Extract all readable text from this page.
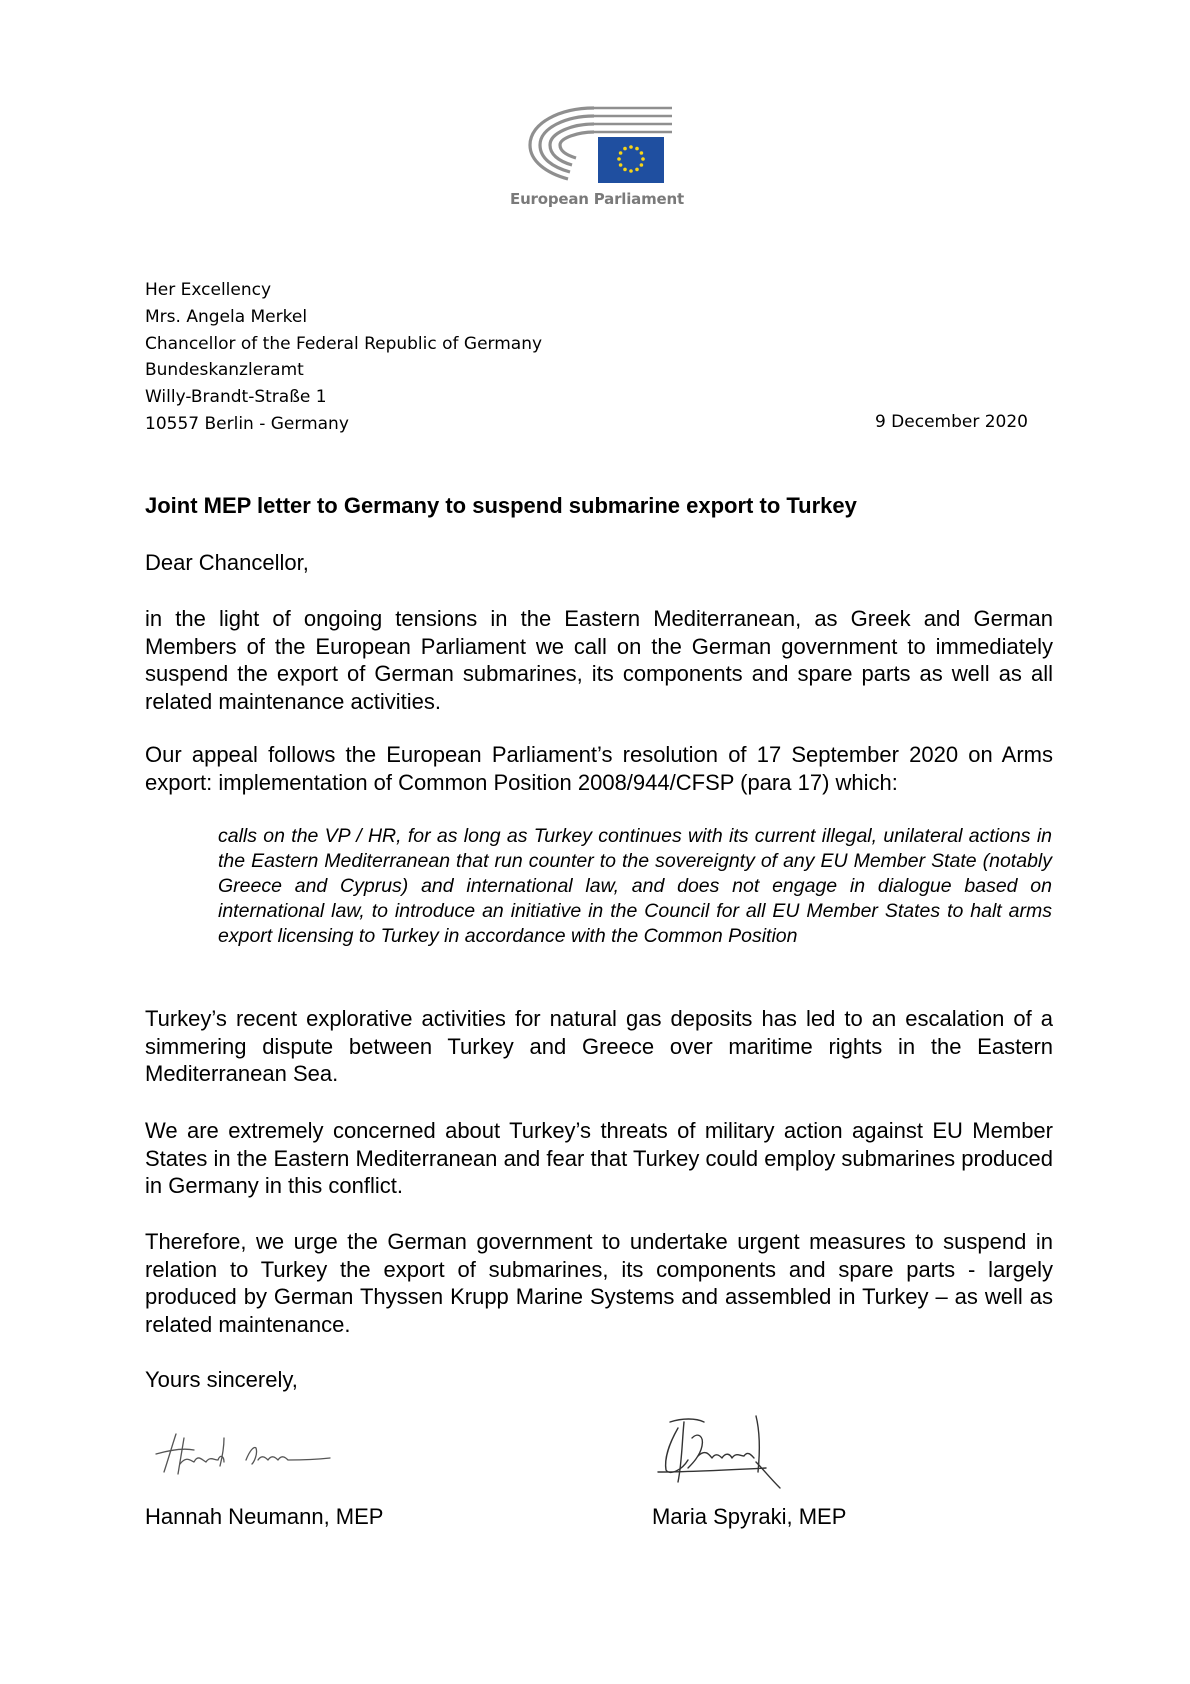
European Parliament
Her Excellency
Mrs. Angela Merkel
Chancellor of the Federal Republic of Germany
Bundeskanzleramt
Willy-Brandt-Straße 1
10557 Berlin - Germany	9 December 2020
Joint MEP letter to Germany to suspend submarine export to Turkey
Dear Chancellor,
in the light of ongoing tensions in the Eastern Mediterranean, as Greek and German Members of the European Parliament we call on the German government to immediately suspend the export of German submarines, its components and spare parts as well as all related maintenance activities.
Our appeal follows the European Parliament’s resolution of 17 September 2020 on Arms export: implementation of Common Position 2008/944/CFSP (para 17) which:
calls on the VP / HR, for as long as Turkey continues with its current illegal, unilateral actions in the Eastern Mediterranean that run counter to the sovereignty of any EU Member State (notably Greece and Cyprus) and international law, and does not engage in dialogue based on international law, to introduce an initiative in the Council for all EU Member States to halt arms export licensing to Turkey in accordance with the Common Position
Turkey’s recent explorative activities for natural gas deposits has led to an escalation of a simmering dispute between Turkey and Greece over maritime rights in the Eastern Mediterranean Sea.
We are extremely concerned about Turkey’s threats of military action against EU Member States in the Eastern Mediterranean and fear that Turkey could employ submarines produced in Germany in this conflict.
Therefore, we urge the German government to undertake urgent measures to suspend in relation to Turkey the export of submarines, its components and spare parts - largely produced by German Thyssen Krupp Marine Systems and assembled in Turkey – as well as related maintenance.
Yours sincerely,
Hannah Neumann, MEP	Maria Spyraki, MEP
